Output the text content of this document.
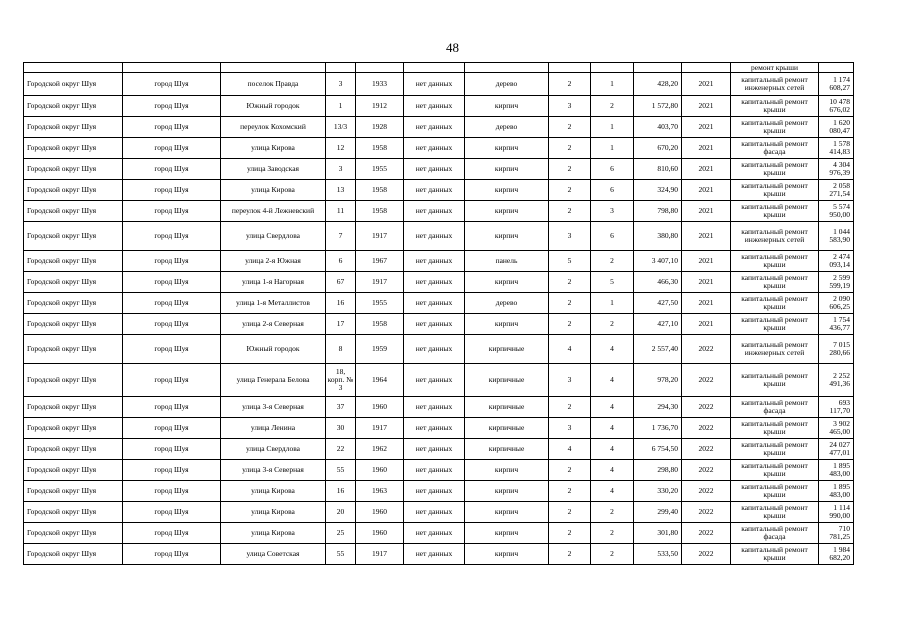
48
											ремонт крыши	
Городской округ Шуя	город Шуя	поселок Правда	3	1933	нет данных	дерево	2	1	428,20	2021	капитальный ремонт инженерных сетей	1 174 608,27
Городской округ Шуя	город Шуя	Южный городок	1	1912	нет данных	кирпич	3	2	1 572,80	2021	капитальный ремонт крыши	10 478 676,02
Городской округ Шуя	город Шуя	переулок Кохомский	13/3	1928	нет данных	дерево	2	1	403,70	2021	капитальный ремонт крыши	1 620 080,47
Городской округ Шуя	город Шуя	улица Кирова	12	1958	нет данных	кирпич	2	1	670,20	2021	капитальный ремонт фасада	1 578 414,83
Городской округ Шуя	город Шуя	улица Заводская	3	1955	нет данных	кирпич	2	6	810,60	2021	капитальный ремонт крыши	4 304 976,39
Городской округ Шуя	город Шуя	улица Кирова	13	1958	нет данных	кирпич	2	6	324,90	2021	капитальный ремонт крыши	2 058 271,54
Городской округ Шуя	город Шуя	переулок 4-й Лежневский	11	1958	нет данных	кирпич	2	3	798,80	2021	капитальный ремонт крыши	5 574 950,00
Городской округ Шуя	город Шуя	улица Свердлова	7	1917	нет данных	кирпич	3	6	380,80	2021	капитальный ремонт инженерных сетей	1 044 583,90
Городской округ Шуя	город Шуя	улица 2-я Южная	6	1967	нет данных	панель	5	2	3 407,10	2021	капитальный ремонт крыши	2 474 093,14
Городской округ Шуя	город Шуя	улица 1-я Нагорная	67	1917	нет данных	кирпич	2	5	466,30	2021	капитальный ремонт крыши	2 599 599,19
Городской округ Шуя	город Шуя	улица 1-я Металлистов	16	1955	нет данных	дерево	2	1	427,50	2021	капитальный ремонт крыши	2 090 606,25
Городской округ Шуя	город Шуя	улица 2-я Северная	17	1958	нет данных	кирпич	2	2	427,10	2021	капитальный ремонт крыши	1 754 436,77
Городской округ Шуя	город Шуя	Южный городок	8	1959	нет данных	кирпичные	4	4	2 557,40	2022	капитальный ремонт инженерных сетей	7 015 280,66
Городской округ Шуя	город Шуя	улица Генерала Белова	18, корп. № 3	1964	нет данных	кирпичные	3	4	978,20	2022	капитальный ремонт крыши	2 252 491,36
Городской округ Шуя	город Шуя	улица 3-я Северная	37	1960	нет данных	кирпичные	2	4	294,30	2022	капитальный ремонт фасада	693 117,70
Городской округ Шуя	город Шуя	улица Ленина	30	1917	нет данных	кирпичные	3	4	1 736,70	2022	капитальный ремонт крыши	3 902 465,00
Городской округ Шуя	город Шуя	улица Свердлова	22	1962	нет данных	кирпичные	4	4	6 754,50	2022	капитальный ремонт крыши	24 027 477,01
Городской округ Шуя	город Шуя	улица 3-я Северная	55	1960	нет данных	кирпич	2	4	298,80	2022	капитальный ремонт крыши	1 895 483,00
Городской округ Шуя	город Шуя	улица Кирова	16	1963	нет данных	кирпич	2	4	330,20	2022	капитальный ремонт крыши	1 895 483,00
Городской округ Шуя	город Шуя	улица Кирова	20	1960	нет данных	кирпич	2	2	299,40	2022	капитальный ремонт крыши	1 114 990,00
Городской округ Шуя	город Шуя	улица Кирова	25	1960	нет данных	кирпич	2	2	301,80	2022	капитальный ремонт фасада	710 781,25
Городской округ Шуя	город Шуя	улица Советская	55	1917	нет данных	кирпич	2	2	533,50	2022	капитальный ремонт крыши	1 984 682,20
